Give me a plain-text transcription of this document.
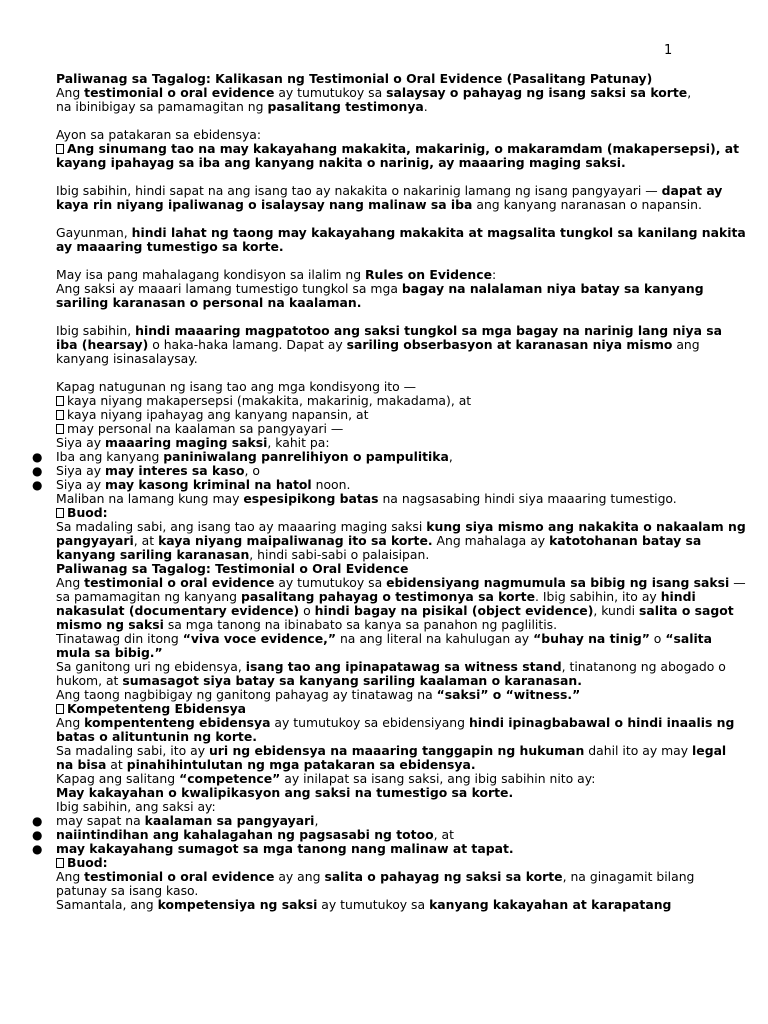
1

Paliwanag sa Tagalog: Kalikasan ng Testimonial o Oral Evidence (Pasalitang Patunay)

Ang testimonial o oral evidence ay tumutukoy sa salaysay o pahayag ng isang saksi sa korte,
na ibinibigay sa pamamagitan ng pasalitang testimonya.

Ayon sa patakaran sa ebidensya:

Ang sinumang tao na may kakayahang makakita, makarinig, o makaramdam (makapersepsi), at kayang ipahayag sa iba ang kanyang nakita o narinig, ay maaaring maging saksi.

Ibig sabihin, hindi sapat na ang isang tao ay nakakita o nakarinig lamang ng isang pangyayari — dapat ay kaya rin niyang ipaliwanag o isalaysay nang malinaw sa iba ang kanyang naranasan o napansin.

Gayunman, hindi lahat ng taong may kakayahang makakita at magsalita tungkol sa kanilang nakita ay maaaring tumestigo sa korte.

May isa pang mahalagang kondisyon sa ilalim ng Rules on Evidence:

Ang saksi ay maaari lamang tumestigo tungkol sa mga bagay na nalalaman niya batay sa kanyang sariling karanasan o personal na kaalaman.

Ibig sabihin, hindi maaaring magpatotoo ang saksi tungkol sa mga bagay na narinig lang niya sa iba (hearsay) o haka-haka lamang. Dapat ay sariling obserbasyon at karanasan niya mismo ang kanyang isinasalaysay.

Kapag natugunan ng isang tao ang mga kondisyong ito —

kaya niyang makapersepsi (makakita, makarinig, makadama), at

kaya niyang ipahayag ang kanyang napansin, at

may personal na kaalaman sa pangyayari —

Siya ay maaaring maging saksi, kahit pa:

● Iba ang kanyang paniniwalang panrelihiyon o pampulitika,

● Siya ay may interes sa kaso, o

● Siya ay may kasong kriminal na hatol noon.

Maliban na lamang kung may espesipikong batas na nagsasabing hindi siya maaaring tumestigo.

Buod:

Sa madaling sabi, ang isang tao ay maaaring maging saksi kung siya mismo ang nakakita o nakaalam ng pangyayari, at kaya niyang maipaliwanag ito sa korte. Ang mahalaga ay katotohanan batay sa kanyang sariling karanasan, hindi sabi-sabi o palaisipan.

Paliwanag sa Tagalog: Testimonial o Oral Evidence

Ang testimonial o oral evidence ay tumutukoy sa ebidensiyang nagmumula sa bibig ng isang saksi — sa pamamagitan ng kanyang pasalitang pahayag o testimonya sa korte. Ibig sabihin, ito ay hindi nakasulat (documentary evidence) o hindi bagay na pisikal (object evidence), kundi salita o sagot mismo ng saksi sa mga tanong na ibinabato sa kanya sa panahon ng paglilitis.

Tinatawag din itong “viva voce evidence,” na ang literal na kahulugan ay “buhay na tinig” o “salita mula sa bibig.”

Sa ganitong uri ng ebidensya, isang tao ang ipinapatawag sa witness stand, tinatanong ng abogado o hukom, at sumasagot siya batay sa kanyang sariling kaalaman o karanasan.

Ang taong nagbibigay ng ganitong pahayag ay tinatawag na “saksi” o “witness.”

Kompetenteng Ebidensya

Ang kompententeng ebidensya ay tumutukoy sa ebidensiyang hindi ipinagbabawal o hindi inaalis ng batas o alituntunin ng korte.

Sa madaling sabi, ito ay uri ng ebidensya na maaaring tanggapin ng hukuman dahil ito ay may legal na bisa at pinahihintulutan ng mga patakaran sa ebidensya.

Kapag ang salitang “competence” ay inilapat sa isang saksi, ang ibig sabihin nito ay:

May kakayahan o kwalipikasyon ang saksi na tumestigo sa korte.

Ibig sabihin, ang saksi ay:

● may sapat na kaalaman sa pangyayari,

● naiintindihan ang kahalagahan ng pagsasabi ng totoo, at

● may kakayahang sumagot sa mga tanong nang malinaw at tapat.

Buod:

Ang testimonial o oral evidence ay ang salita o pahayag ng saksi sa korte, na ginagamit bilang patunay sa isang kaso.

Samantala, ang kompetensiya ng saksi ay tumutukoy sa kanyang kakayahan at karapatang
